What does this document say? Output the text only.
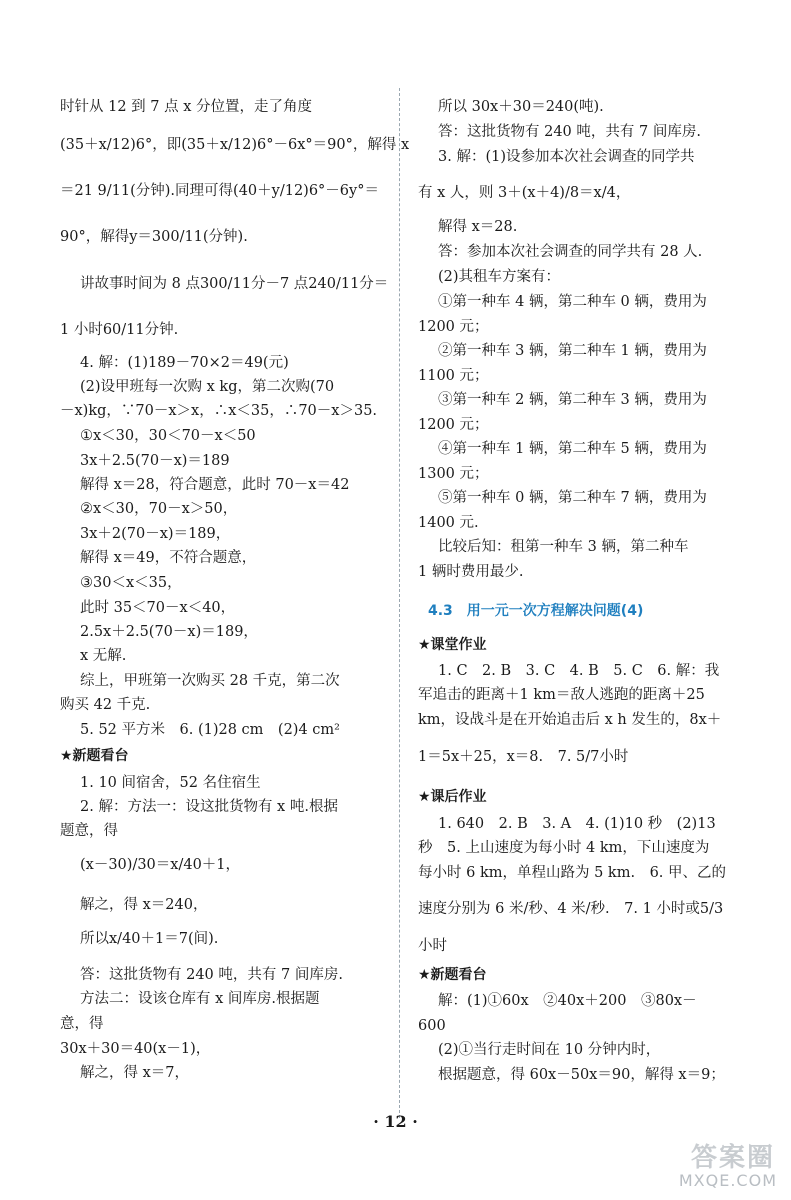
时针从 12 到 7 点 x 分位置，走了角度
(35＋x/12)6°，即(35＋x/12)6°－6x°＝90°，解得 x
＝21 9/11(分钟).同理可得(40＋y/12)6°－6y°＝
90°，解得y＝300/11(分钟).
讲故事时间为 8 点300/11分－7 点240/11分＝
1 小时60/11分钟.
4. 解：(1)189－70×2＝49(元)
(2)设甲班每一次购 x kg，第二次购(70
－x)kg，∵70－x＞x，∴x＜35，∴70－x＞35.
①x＜30，30＜70－x＜50
3x＋2.5(70－x)＝189
解得 x＝28，符合题意，此时 70－x＝42
②x＜30，70－x＞50，
3x＋2(70－x)＝189，
解得 x＝49，不符合题意，
③30＜x＜35，
此时 35＜70－x＜40，
2.5x＋2.5(70－x)＝189，
x 无解.
综上，甲班第一次购买 28 千克，第二次
购买 42 千克.
5. 52 平方米　6. (1)28 cm　(2)4 cm²
★新题看台
1. 10 间宿舍，52 名住宿生
2. 解：方法一：设这批货物有 x 吨.根据
题意，得
(x－30)/30＝x/40＋1，
解之，得 x＝240，
所以x/40＋1＝7(间).
答：这批货物有 240 吨，共有 7 间库房.
方法二：设该仓库有 x 间库房.根据题
意，得
30x＋30＝40(x－1)，
解之，得 x＝7，
所以 30x＋30＝240(吨).
答：这批货物有 240 吨，共有 7 间库房.
3. 解：(1)设参加本次社会调查的同学共
有 x 人，则 3＋(x＋4)/8＝x/4，
解得 x＝28.
答：参加本次社会调查的同学共有 28 人.
(2)其租车方案有：
①第一种车 4 辆，第二种车 0 辆，费用为
1200 元；
②第一种车 3 辆，第二种车 1 辆，费用为
1100 元；
③第一种车 2 辆，第二种车 3 辆，费用为
1200 元；
④第一种车 1 辆，第二种车 5 辆，费用为
1300 元；
⑤第一种车 0 辆，第二种车 7 辆，费用为
1400 元.
比较后知：租第一种车 3 辆，第二种车
1 辆时费用最少.
4.3　用一元一次方程解决问题(4)
★课堂作业
1. C　2. B　3. C　4. B　5. C　6. 解：我
军追击的距离＋1 km＝敌人逃跑的距离＋25
km，设战斗是在开始追击后 x h 发生的，8x＋
1＝5x＋25，x＝8.　7. 5/7小时
★课后作业
1. 640　2. B　3. A　4. (1)10 秒　(2)13
秒　5. 上山速度为每小时 4 km，下山速度为
每小时 6 km，单程山路为 5 km.　6. 甲、乙的
速度分别为 6 米/秒、4 米/秒.　7. 1 小时或5/3
小时
★新题看台
解：(1)①60x　②40x＋200　③80x－
600
(2)①当行走时间在 10 分钟内时，
根据题意，得 60x－50x＝90，解得 x＝9；
· 12 ·
答案圈
MXQE.COM
